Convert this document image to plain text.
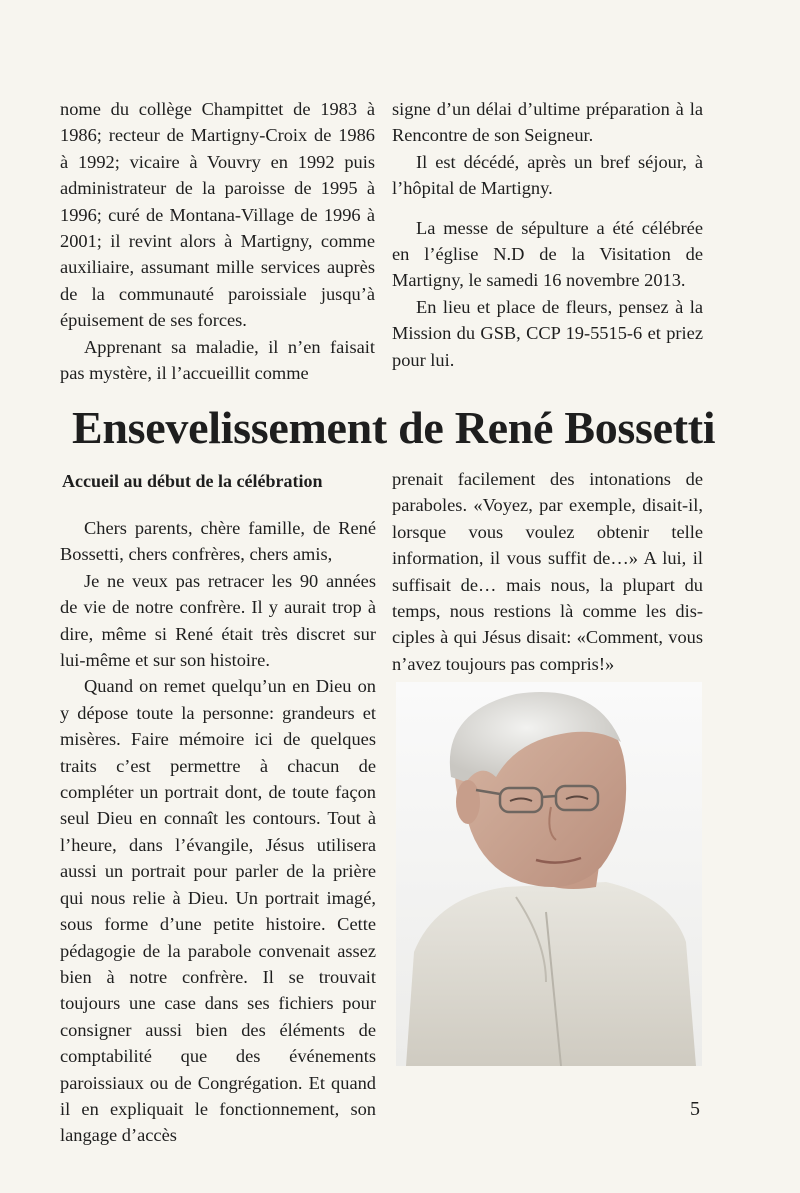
nome du collège Champittet de 1983 à 1986; recteur de Martigny-Croix de 1986 à 1992; vicaire à Vouvry en 1992 puis administrateur de la paroisse de 1995 à 1996; curé de Montana-Village de 1996 à 2001; il revint alors à Martigny, comme auxiliaire, assumant mille services auprès de la communauté paroissiale jusqu’à épuisement de ses forces.

Apprenant sa maladie, il n’en faisait pas mystère, il l’accueillit comme

signe d’un délai d’ultime préparation à la Rencontre de son Seigneur.

Il est décédé, après un bref séjour, à l’hôpital de Martigny.

La messe de sépulture a été célébrée en l’église N.D de la Visitation de Martigny, le samedi 16 novembre 2013.

En lieu et place de fleurs, pensez à la Mission du GSB, CCP 19-5515-6 et priez pour lui.

Ensevelissement de René Bossetti
Accueil au début de la célébration

Chers parents, chère famille, de René Bossetti, chers confrères, chers amis,

Je ne veux pas retracer les 90 années de vie de notre confrère. Il y aurait trop à dire, même si René était très discret sur lui-même et sur son histoire.

Quand on remet quelqu’un en Dieu on y dépose toute la personne: grandeurs et misères. Faire mémoire ici de quelques traits c’est permettre à chacun de compléter un portrait dont, de toute façon seul Dieu en connaît les contours. Tout à l’heure, dans l’évangile, Jésus utilisera aussi un portrait pour parler de la prière qui nous relie à Dieu. Un portrait imagé, sous forme d’une petite histoire. Cette pédagogie de la parabole convenait assez bien à notre confrère. Il se trouvait toujours une case dans ses fichiers pour consigner aussi bien des éléments de comptabilité que des événements paroissiaux ou de Congrégation. Et quand il en expliquait le fonctionnement, son langage d’accès

prenait facilement des intonations de paraboles. «Voyez, par exemple, disait-il, lorsque vous voulez obtenir telle information, il vous suffit de…» A lui, il suffisait de… mais nous, la plupart du temps, nous restions là comme les disciples à qui Jésus disait: «Comment, vous n’avez toujours pas compris!»

5
